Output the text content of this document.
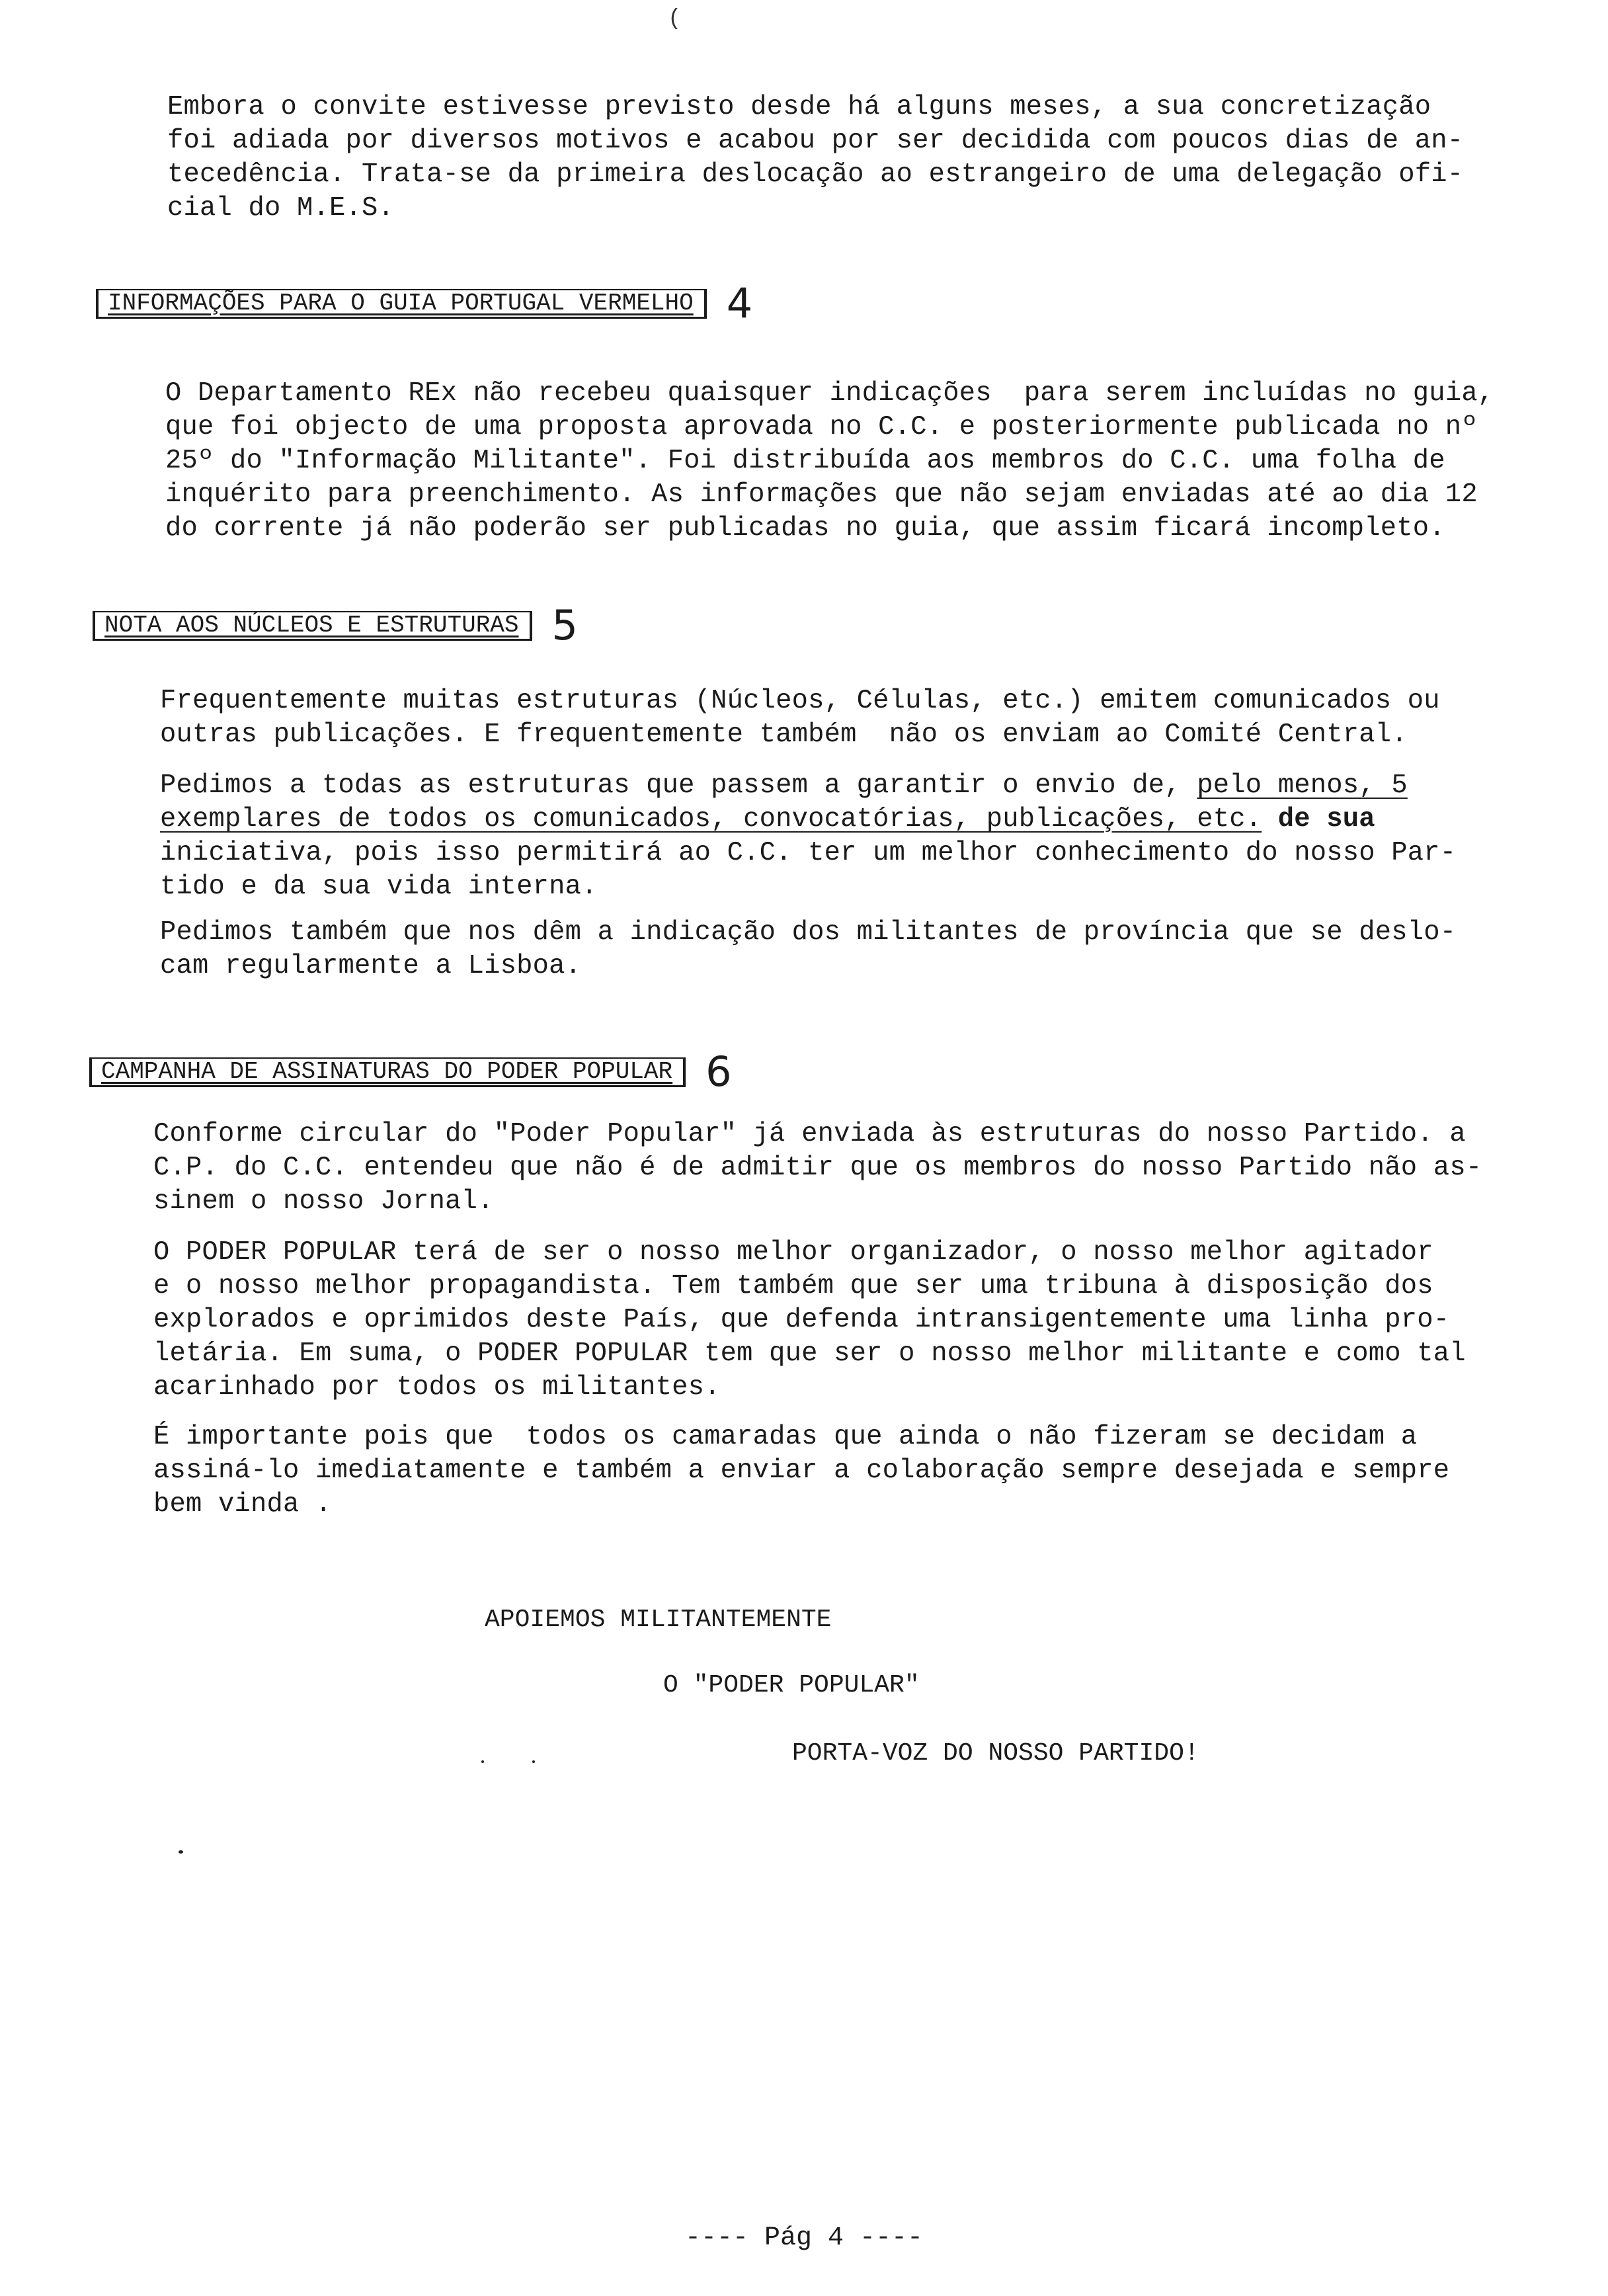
(
Embora o convite estivesse previsto desde há alguns meses, a sua concretização
foi adiada por diversos motivos e acabou por ser decidida com poucos dias de an-
tecedência. Trata-se da primeira deslocação ao estrangeiro de uma delegação ofi-
cial do M.E.S.
INFORMAÇÕES PARA O GUIA PORTUGAL VERMELHO 4
O Departamento REx não recebeu quaisquer indicações  para serem incluídas no guia,
que foi objecto de uma proposta aprovada no C.C. e posteriormente publicada no nº
25º do "Informação Militante". Foi distribuída aos membros do C.C. uma folha de
inquérito para preenchimento. As informações que não sejam enviadas até ao dia 12
do corrente já não poderão ser publicadas no guia, que assim ficará incompleto.
NOTA AOS NÚCLEOS E ESTRUTURAS 5
Frequentemente muitas estruturas (Núcleos, Células, etc.) emitem comunicados ou
outras publicações. E frequentemente também  não os enviam ao Comité Central.
Pedimos a todas as estruturas que passem a garantir o envio de, pelo menos, 5
exemplares de todos os comunicados, convocatórias, publicações, etc. de sua
iniciativa, pois isso permitirá ao C.C. ter um melhor conhecimento do nosso Par-
tido e da sua vida interna.
Pedimos também que nos dêm a indicação dos militantes de província que se deslo-
cam regularmente a Lisboa.
CAMPANHA DE ASSINATURAS DO PODER POPULAR 6
Conforme circular do "Poder Popular" já enviada às estruturas do nosso Partido. a
C.P. do C.C. entendeu que não é de admitir que os membros do nosso Partido não as-
sinem o nosso Jornal.
O PODER POPULAR terá de ser o nosso melhor organizador, o nosso melhor agitador
e o nosso melhor propagandista. Tem também que ser uma tribuna à disposição dos
explorados e oprimidos deste País, que defenda intransigentemente uma linha pro-
letária. Em suma, o PODER POPULAR tem que ser o nosso melhor militante e como tal
acarinhado por todos os militantes.
É importante pois que  todos os camaradas que ainda o não fizeram se decidam a
assiná-lo imediatamente e também a enviar a colaboração sempre desejada e sempre
bem vinda .
APOIEMOS MILITANTEMENTE
O "PODER POPULAR"
PORTA-VOZ DO NOSSO PARTIDO!
---- Pág 4 ----
